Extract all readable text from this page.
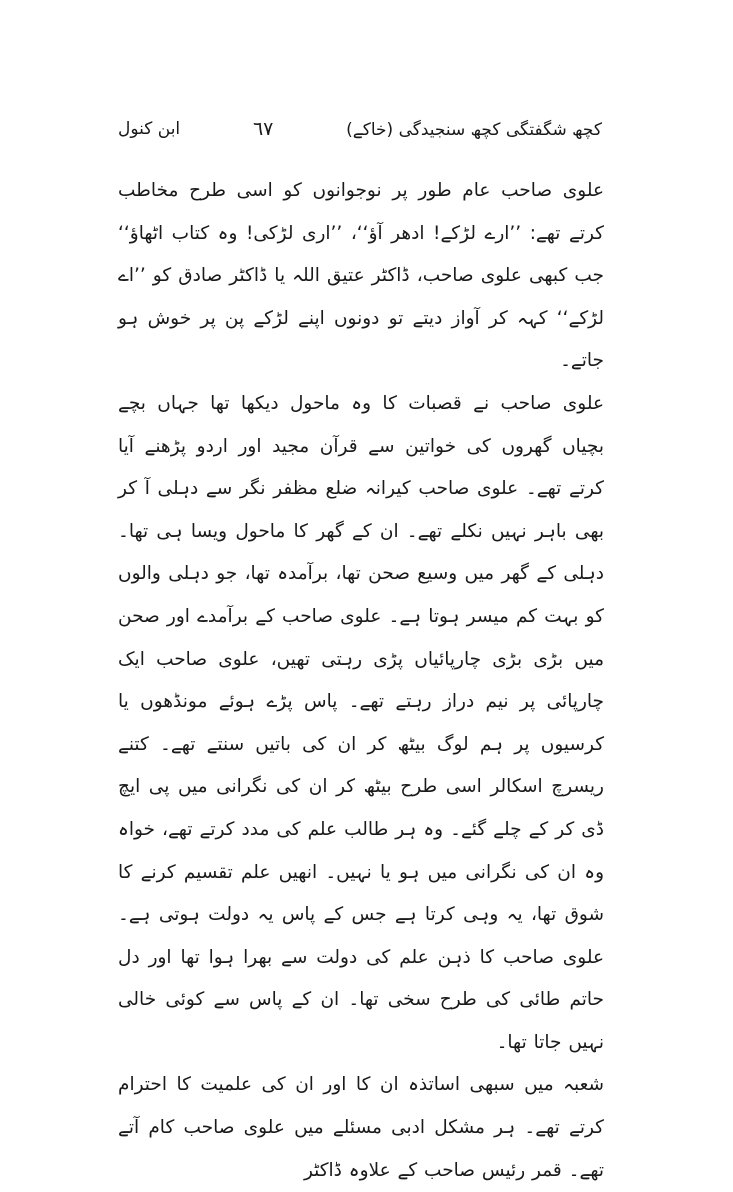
کچھ شگفتگی کچھ سنجیدگی (خاکے)
٦٧
ابن کنول

علوی صاحب عام طور پر نوجوانوں کو اسی طرح مخاطب کرتے تھے: ’’ارے لڑکے! ادھر آؤ‘‘، ’’اری لڑکی! وہ کتاب اٹھاؤ‘‘ جب کبھی علوی صاحب، ڈاکٹر عتیق اللہ یا ڈاکٹر صادق کو ’’اے لڑکے‘‘ کہہ کر آواز دیتے تو دونوں اپنے لڑکے پن پر خوش ہو جاتے۔

علوی صاحب نے قصبات کا وہ ماحول دیکھا تھا جہاں بچے بچیاں گھروں کی خواتین سے قرآن مجید اور اردو پڑھنے آیا کرتے تھے۔ علوی صاحب کیرانہ ضلع مظفر نگر سے دہلی آ کر بھی باہر نہیں نکلے تھے۔ ان کے گھر کا ماحول ویسا ہی تھا۔ دہلی کے گھر میں وسیع صحن تھا، برآمدہ تھا، جو دہلی والوں کو بہت کم میسر ہوتا ہے۔ علوی صاحب کے برآمدے اور صحن میں بڑی بڑی چارپائیاں پڑی رہتی تھیں، علوی صاحب ایک چارپائی پر نیم دراز رہتے تھے۔ پاس پڑے ہوئے مونڈھوں یا کرسیوں پر ہم لوگ بیٹھ کر ان کی باتیں سنتے تھے۔ کتنے ریسرچ اسکالر اسی طرح بیٹھ کر ان کی نگرانی میں پی ایچ ڈی کر کے چلے گئے۔ وہ ہر طالب علم کی مدد کرتے تھے، خواہ وہ ان کی نگرانی میں ہو یا نہیں۔ انھیں علم تقسیم کرنے کا شوق تھا، یہ وہی کرتا ہے جس کے پاس یہ دولت ہوتی ہے۔ علوی صاحب کا ذہن علم کی دولت سے بھرا ہوا تھا اور دل حاتم طائی کی طرح سخی تھا۔ ان کے پاس سے کوئی خالی نہیں جاتا تھا۔

شعبہ میں سبھی اساتذہ ان کا اور ان کی علمیت کا احترام کرتے تھے۔ ہر مشکل ادبی مسئلے میں علوی صاحب کام آتے تھے۔ قمر رئیس صاحب کے علاوہ ڈاکٹر
